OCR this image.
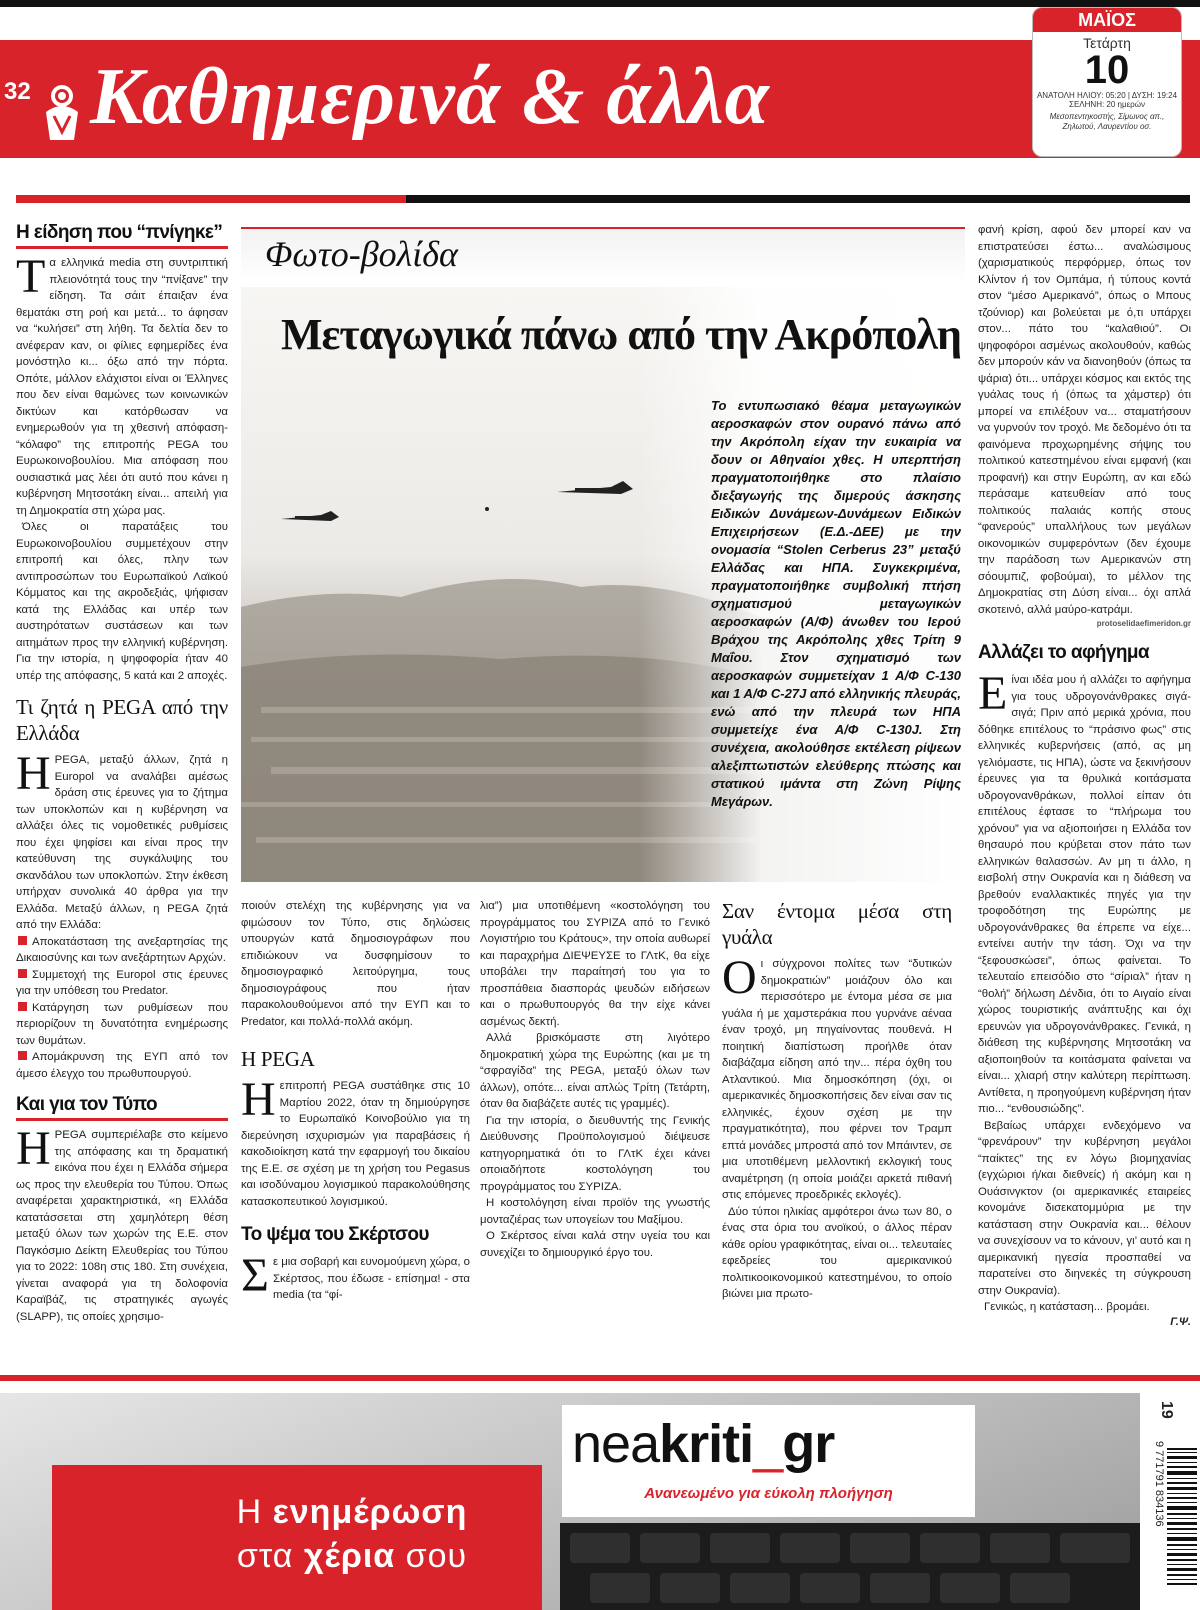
32 Καθημερινά & άλλα
ΜΑΪΟΣ
Τετάρτη
10
ΑΝΑΤΟΛΗ ΗΛΙΟΥ: 05:20 | ΔΥΣΗ: 19:24
ΣΕΛΗΝΗ: 20 ημερών
Μεσοπεντηκοστής, Σίμωνος απ., Ζηλωτού, Λαυρεντίου οσ.
Η είδηση που “πνίγηκε”

Τα ελληνικά media στη συντριπτική πλειονότητά τους την “πνίξανε” την είδηση. Τα σάιτ έπαιξαν ένα θεματάκι στη ροή και μετά... το άφησαν να “κυλήσει” στη λήθη. Τα δελτία δεν το ανέφεραν καν, οι φίλιες εφημερίδες ένα μονόστηλο κι... όξω από την πόρτα. Οπότε, μάλλον ελάχιστοι είναι οι Έλληνες που δεν είναι θαμώνες των κοινωνικών δικτύων και κατόρθωσαν να ενημερωθούν για τη χθεσινή απόφαση- “κόλαφο” της επιτροπής PEGA του Ευρωκοινοβουλίου. Μια απόφαση που ουσιαστικά μας λέει ότι αυτό που κάνει η κυβέρνηση Μητσοτάκη είναι... απειλή για τη Δημοκρατία στη χώρα μας.

Όλες οι παρατάξεις του Ευρωκοινοβουλίου συμμετέχουν στην επιτροπή και όλες, πλην των αντιπροσώπων του Ευρωπαϊκού Λαϊκού Κόμματος και της ακροδεξιάς, ψήφισαν κατά της Ελλάδας και υπέρ των αυστηρότατων συστάσεων και των αιτημάτων προς την ελληνική κυβέρνηση. Για την ιστορία, η ψηφοφορία ήταν 40 υπέρ της απόφασης, 5 κατά και 2 αποχές.

Τι ζητά η PEGA από την Ελλάδα

ΗPEGA, μεταξύ άλλων, ζητά η Europol να αναλάβει αμέσως δράση στις έρευνες για το ζήτημα των υποκλοπών και η κυβέρνηση να αλλάξει όλες τις νομοθετικές ρυθμίσεις που έχει ψηφίσει και είναι προς την κατεύθυνση της συγκάλυψης του σκανδάλου των υποκλοπών. Στην έκθεση υπήρχαν συνολικά 40 άρθρα για την Ελλάδα. Μεταξύ άλλων, η PEGA ζητά από την Ελλάδα:

Αποκατάσταση της ανεξαρτησίας της Δικαιοσύνης και των ανεξάρτητων Αρχών.

Συμμετοχή της Europol στις έρευνες για την υπόθεση του Predator.

Κατάργηση των ρυθμίσεων που περιορίζουν τη δυνατότητα ενημέρωσης των θυμάτων.

Απομάκρυνση της ΕΥΠ από τον άμεσο έλεγχο του πρωθυπουργού.

Και για τον Τύπο

ΗPEGA συμπεριέλαβε στο κείμενο της απόφασης και τη δραματική εικόνα που έχει η Ελλάδα σήμερα ως προς την ελευθερία του Τύπου. Όπως αναφέρεται χαρακτηριστικά, «η Ελλάδα κατατάσσεται στη χαμηλότερη θέση μεταξύ όλων των χωρών της Ε.Ε. στον Παγκόσμιο Δείκτη Ελευθερίας του Τύπου για το 2022: 108η στις 180. Στη συνέχεια, γίνεται αναφορά για τη δολοφονία Καραϊβάζ, τις στρατηγικές αγωγές (SLAPP), τις οποίες χρησιμο-

Φωτο-βολίδα
Μεταγωγικά πάνω από την Ακρόπολη
Το εντυπωσιακό θέαμα μεταγωγικών αεροσκαφών στον ουρανό πάνω από την Ακρόπολη είχαν την ευκαιρία να δουν οι Αθηναίοι χθες. Η υπερπτήση πραγματοποιήθηκε στο πλαίσιο διεξαγωγής της διμερούς άσκησης Ειδικών Δυνάμεων-Δυνάμεων Ειδικών Επιχειρήσεων (Ε.Δ.-ΔΕΕ) με την ονομασία “Stolen Cerberus 23” μεταξύ Ελλάδας και ΗΠΑ. Συγκεκριμένα, πραγματοποιήθηκε συμβολική πτήση σχηματισμού μεταγωγικών αεροσκαφών (Α/Φ) άνωθεν του Ιερού Βράχου της Ακρόπολης χθες Τρίτη 9 Μαΐου. Στον σχηματισμό των αεροσκαφών συμμετείχαν 1 Α/Φ C-130 και 1 Α/Φ C-27J από ελληνικής πλευράς, ενώ από την πλευρά των ΗΠΑ συμμετείχε ένα Α/Φ C-130J. Στη συνέχεια, ακολούθησε εκτέλεση ρίψεων αλεξιπτωτιστών ελεύθερης πτώσης και στατικού ιμάντα στη Ζώνη Ρίψης Μεγάρων.

ποιούν στελέχη της κυβέρνησης για να φιμώσουν τον Τύπο, στις δηλώσεις υπουργών κατά δημοσιογράφων που επιδιώκουν να δυσφημίσουν το δημοσιογραφικό λειτούργημα, τους δημοσιογράφους που ήταν παρακολουθούμενοι από την ΕΥΠ και το Predator, και πολλά-πολλά ακόμη.

Η PEGA

Ηεπιτροπή PEGA συστάθηκε στις 10 Μαρτίου 2022, όταν τη δημιούργησε το Ευρωπαϊκό Κοινοβούλιο για τη διερεύνηση ισχυρισμών για παραβάσεις ή κακοδιοίκηση κατά την εφαρμογή του δικαίου της Ε.Ε. σε σχέση με τη χρήση του Pegasus και ισοδύναμου λογισμικού παρακολούθησης κατασκοπευτικού λογισμικού.

Το ψέμα του Σκέρτσου

Σε μια σοβαρή και ευνομούμενη χώρα, ο Σκέρτσος, που έδωσε - επίσημα! - στα media (τα “φί-

λια”) μια υποτιθέμενη «κοστολόγηση του προγράμματος του ΣΥΡΙΖΑ από το Γενικό Λογιστήριο του Κράτους», την οποία αυθωρεί και παραχρήμα ΔΙΕΨΕΥΣΕ το ΓΛτΚ, θα είχε υποβάλει την παραίτησή του για το προσπάθεια διασποράς ψευδών ειδήσεων και ο πρωθυπουργός θα την είχε κάνει ασμένως δεκτή.

Αλλά βρισκόμαστε στη λιγότερο δημοκρατική χώρα της Ευρώπης (και με τη “σφραγίδα” της PEGA, μεταξύ όλων των άλλων), οπότε... είναι απλώς Τρίτη (Τετάρτη, όταν θα διαβάζετε αυτές τις γραμμές).

Για την ιστορία, ο διευθυντής της Γενικής Διεύθυνσης Προϋπολογισμού διέψευσε κατηγορηματικά ότι το ΓΛτΚ έχει κάνει οποιαδήποτε κοστολόγηση του προγράμματος του ΣΥΡΙΖΑ.

Η κοστολόγηση είναι προϊόν της γνωστής μονταζιέρας των υπογείων του Μαξίμου.

Ο Σκέρτσος είναι καλά στην υγεία του και συνεχίζει το δημιουργικό έργο του.

Σαν έντομα μέσα στη γυάλα

Οι σύγχρονοι πολίτες των “δυτικών δημοκρατιών” μοιάζουν όλο και περισσότερο με έντομα μέσα σε μια γυάλα ή με χαμστεράκια που γυρνάνε αέναα έναν τροχό, μη πηγαίνοντας πουθενά. Η ποιητική διαπίστωση προήλθε όταν διαβάζαμα είδηση από την... πέρα όχθη του Ατλαντικού. Μια δημοσκόπηση (όχι, οι αμερικανικές δημοσκοπήσεις δεν είναι σαν τις ελληνικές, έχουν σχέση με την πραγματικότητα), που φέρνει τον Τραμπ επτά μονάδες μπροστά από τον Μπάιντεν, σε μια υποτιθέμενη μελλοντική εκλογική τους αναμέτρηση (η οποία μοιάζει αρκετά πιθανή στις επόμενες προεδρικές εκλογές).

Δύο τύποι ηλικίας αμφότεροι άνω των 80, ο ένας στα όρια του ανοϊκού, ο άλλος πέραν κάθε ορίου γραφικότητας, είναι οι... τελευταίες εφεδρείες του αμερικανικού πολιτικοοικονομικού κατεστημένου, το οποίο βιώνει μια πρωτο-

φανή κρίση, αφού δεν μπορεί καν να επιστρατεύσει έστω... αναλώσιμους (χαρισματικούς περφόρμερ, όπως τον Κλίντον ή τον Ομπάμα, ή τύπους κοντά στον “μέσο Αμερικανό”, όπως ο Μπους τζούνιορ) και βολεύεται με ό,τι υπάρχει στον... πάτο του “καλαθιού”. Οι ψηφοφόροι ασμένως ακολουθούν, καθώς δεν μπορούν κάν να διανοηθούν (όπως τα ψάρια) ότι... υπάρχει κόσμος και εκτός της γυάλας τους ή (όπως τα χάμστερ) ότι μπορεί να επιλέξουν να... σταματήσουν να γυρνούν τον τροχό. Με δεδομένο ότι τα φαινόμενα προχωρημένης σήψης του πολιτικού κατεστημένου είναι εμφανή (και προφανή) και στην Ευρώπη, αν και εδώ περάσαμε κατευθείαν από τους πολιτικούς παλαιάς κοπής στους “φανερούς” υπαλλήλους των μεγάλων οικονομικών συμφερόντων (δεν έχουμε την παράδοση των Αμερικανών στη σόουμπιζ, φοβούμαι), το μέλλον της Δημοκρατίας στη Δύση είναι... όχι απλά σκοτεινό, αλλά μαύρο-κατράμι.

protoselidaefimeridon.gr
Αλλάζει το αφήγημα

Είναι ιδέα μου ή αλλάζει το αφήγημα για τους υδρογονάνθρακες σιγά-σιγά; Πριν από μερικά χρόνια, που δόθηκε επιτέλους το “πράσινο φως” στις ελληνικές κυβερνήσεις (από, ας μη γελιόμαστε, τις ΗΠΑ), ώστε να ξεκινήσουν έρευνες για τα θρυλικά κοιτάσματα υδρογονανθράκων, πολλοί είπαν ότι επιτέλους έφτασε το “πλήρωμα του χρόνου” για να αξιοποιήσει η Ελλάδα τον θησαυρό που κρύβεται στον πάτο των ελληνικών θαλασσών. Αν μη τι άλλο, η εισβολή στην Ουκρανία και η διάθεση να βρεθούν εναλλακτικές πηγές για την τροφοδότηση της Ευρώπης με υδρογονάνθρακες θα έπρεπε να είχε... εντείνει αυτήν την τάση. Όχι να την “ξεφουσκώσει”, όπως φαίνεται. Το τελευταίο επεισόδιο στο “σίριαλ” ήταν η “θολή” δήλωση Δένδια, ότι το Αιγαίο είναι χώρος τουριστικής ανάπτυξης και όχι ερευνών για υδρογονάνθρακες. Γενικά, η διάθεση της κυβέρνησης Μητσοτάκη να αξιοποιηθούν τα κοιτάσματα φαίνεται να είναι... χλιαρή στην καλύτερη περίπτωση. Αντίθετα, η προηγούμενη κυβέρνηση ήταν πιο... “ενθουσιώδης”.

Βεβαίως υπάρχει ενδεχόμενο να “φρενάρουν” την κυβέρνηση μεγάλοι “παίκτες” της εν λόγω βιομηχανίας (εγχώριοι ή/και διεθνείς) ή ακόμη και η Ουάσινγκτον (οι αμερικανικές εταιρείες κονομάνε δισεκατομμύρια με την κατάσταση στην Ουκρανία και... θέλουν να συνεχίσουν να το κάνουν, γι’ αυτό και η αμερικανική ηγεσία προσπαθεί να παρατείνει στο διηνεκές τη σύγκρουση στην Ουκρανία).

Γενικώς, η κατάσταση... βρομάει.

Γ.Ψ.
Η ενημέρωση
στα χέρια σου
neakriti_gr
Ανανεωμένο για εύκολη πλοήγηση
19
9 771791 834136
